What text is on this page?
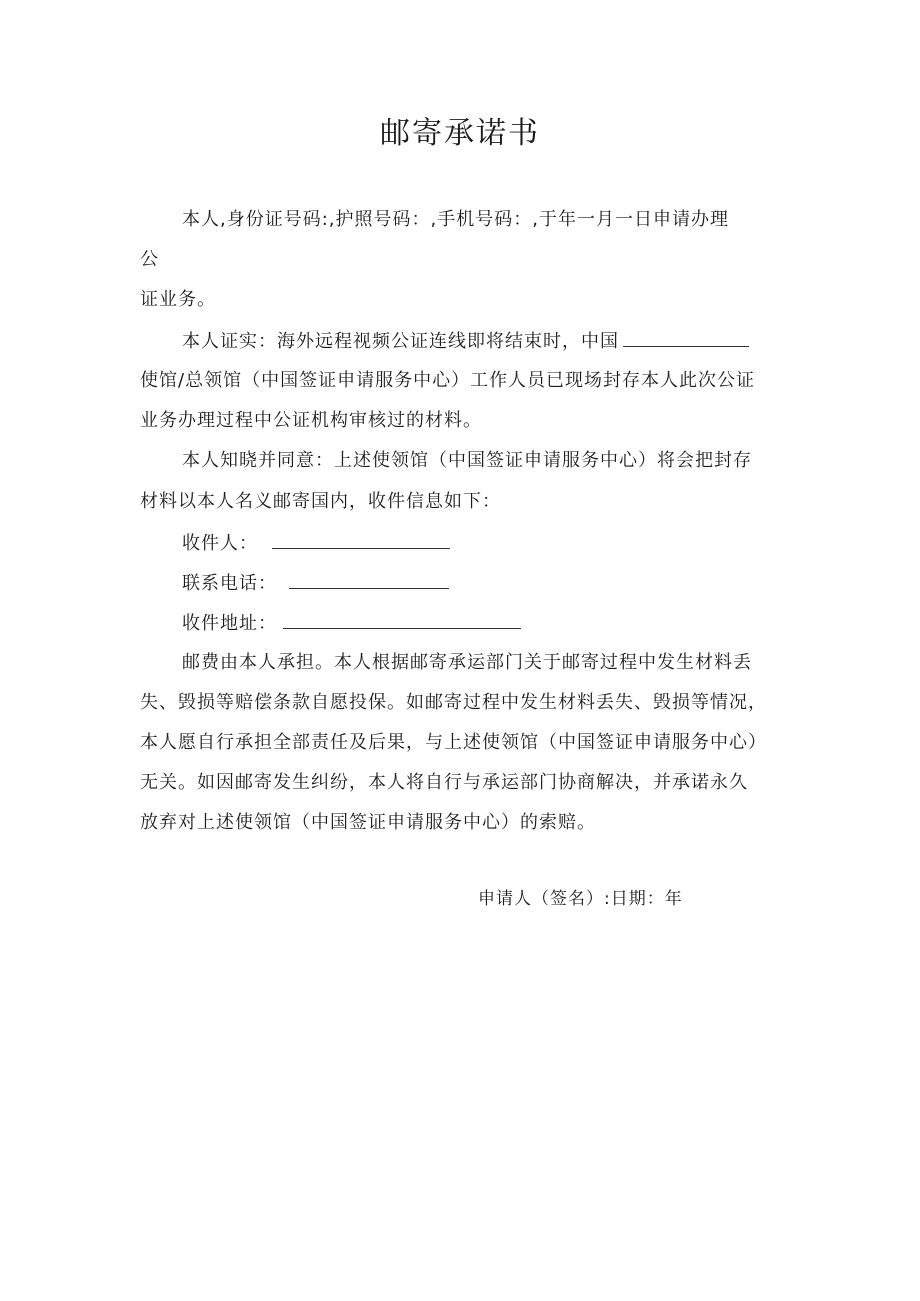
邮寄承诺书
本人,身份证号码:,护照号码：,手机号码：,于年一月一日申请办理
公
证业务。
本人证实：海外远程视频公证连线即将结束时，中国
使馆/总领馆（中国签证申请服务中心）工作人员已现场封存本人此次公证
业务办理过程中公证机构审核过的材料。
本人知晓并同意：上述使领馆（中国签证申请服务中心）将会把封存
材料以本人名义邮寄国内，收件信息如下：
收件人：
联系电话：
收件地址：
邮费由本人承担。本人根据邮寄承运部门关于邮寄过程中发生材料丢
失、毁损等赔偿条款自愿投保。如邮寄过程中发生材料丢失、毁损等情况，
本人愿自行承担全部责任及后果，与上述使领馆（中国签证申请服务中心）
无关。如因邮寄发生纠纷，本人将自行与承运部门协商解决，并承诺永久
放弃对上述使领馆（中国签证申请服务中心）的索赔。
申请人（签名）:日期：年
